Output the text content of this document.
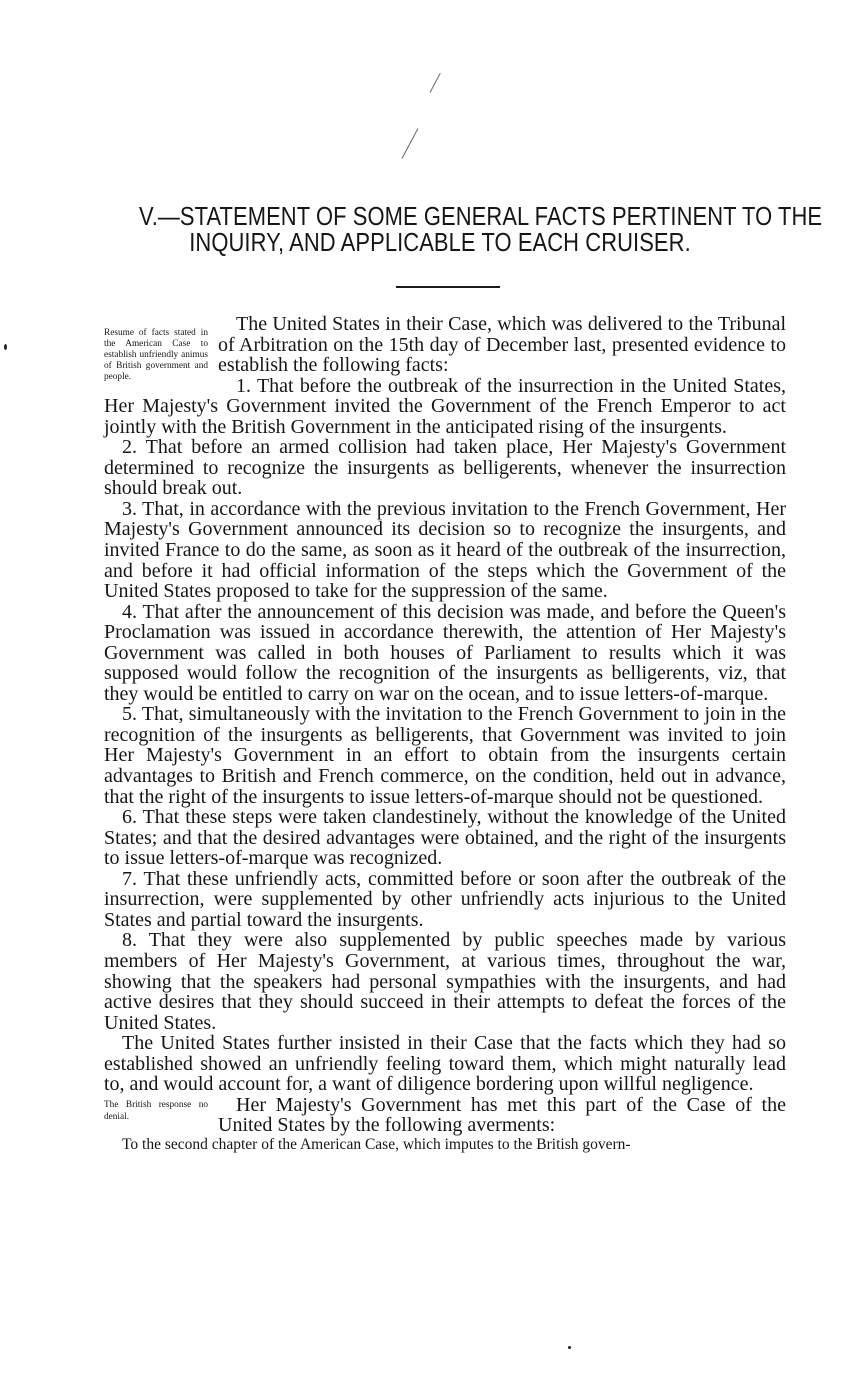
V.—STATEMENT OF SOME GENERAL FACTS PERTINENT TO THE
INQUIRY, AND APPLICABLE TO EACH CRUISER.

Resume of facts stated in the American Case to establish unfriendly animus of British government and people.
The United States in their Case, which was delivered to the Tribunal of Arbitration on the 15th day of December last, presented evidence to establish the following facts:

1. That before the outbreak of the insurrection in the United States, Her Majesty's Government invited the Government of the French Emperor to act jointly with the British Government in the anticipated rising of the insurgents.

2. That before an armed collision had taken place, Her Majesty's Government determined to recognize the insurgents as belligerents, whenever the insurrection should break out.

3. That, in accordance with the previous invitation to the French Government, Her Majesty's Government announced its decision so to recognize the insurgents, and invited France to do the same, as soon as it heard of the outbreak of the insurrection, and before it had official information of the steps which the Government of the United States proposed to take for the suppression of the same.

4. That after the announcement of this decision was made, and before the Queen's Proclamation was issued in accordance therewith, the attention of Her Majesty's Government was called in both houses of Parliament to results which it was supposed would follow the recognition of the insurgents as belligerents, viz, that they would be entitled to carry on war on the ocean, and to issue letters-of-marque.

5. That, simultaneously with the invitation to the French Government to join in the recognition of the insurgents as belligerents, that Government was invited to join Her Majesty's Government in an effort to obtain from the insurgents certain advantages to British and French commerce, on the condition, held out in advance, that the right of the insurgents to issue letters-of-marque should not be questioned.

6. That these steps were taken clandestinely, without the knowledge of the United States; and that the desired advantages were obtained, and the right of the insurgents to issue letters-of-marque was recognized.

7. That these unfriendly acts, committed before or soon after the outbreak of the insurrection, were supplemented by other unfriendly acts injurious to the United States and partial toward the insurgents.

8. That they were also supplemented by public speeches made by various members of Her Majesty's Government, at various times, throughout the war, showing that the speakers had personal sympathies with the insurgents, and had active desires that they should succeed in their attempts to defeat the forces of the United States.

The United States further insisted in their Case that the facts which they had so established showed an unfriendly feeling toward them, which might naturally lead to, and would account for, a want of diligence bordering upon willful negligence.

The British response no denial.
Her Majesty's Government has met this part of the Case of the United States by the following averments:

To the second chapter of the American Case, which imputes to the British govern-
